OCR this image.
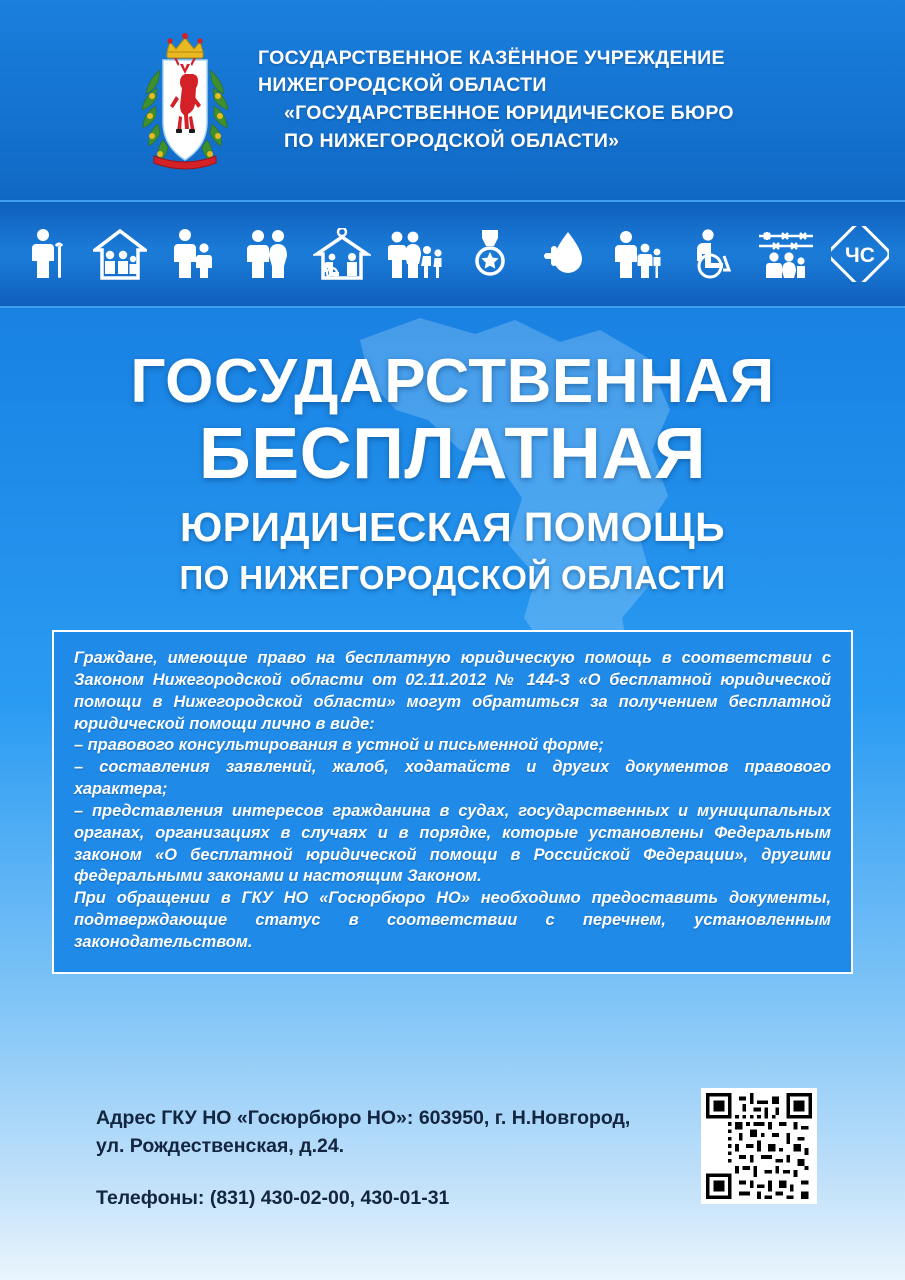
ГОСУДАРСТВЕННОЕ КАЗЁННОЕ УЧРЕЖДЕНИЕ
НИЖЕГОРОДСКОЙ ОБЛАСТИ
«ГОСУДАРСТВЕННОЕ ЮРИДИЧЕСКОЕ БЮРО
ПО НИЖЕГОРОДСКОЙ ОБЛАСТИ»
ЧС
ГОСУДАРСТВЕННАЯ
БЕСПЛАТНАЯ
ЮРИДИЧЕСКАЯ ПОМОЩЬ
ПО НИЖЕГОРОДСКОЙ ОБЛАСТИ

Граждане, имеющие право на бесплатную юридическую помощь в соответствии с Законом Нижегородской области от 02.11.2012 № 144-З «О бесплатной юридической помощи в Нижегородской области» могут обратиться за получением бесплатной юридической помощи лично в виде:

– правового консультирования в устной и письменной форме;

– составления заявлений, жалоб, ходатайств и других документов правового характера;

– представления интересов гражданина в судах, государственных и муниципальных органах, организациях в случаях и в порядке, которые установлены Федеральным законом «О бесплатной юридической помощи в Российской Федерации», другими федеральными законами и настоящим Законом.

При обращении в ГКУ НО «Госюрбюро НО» необходимо предоставить документы, подтверждающие статус в соответствии с перечнем, установленным законодательством.

Адрес ГКУ НО «Госюрбюро НО»: 603950, г. Н.Новгород,
ул. Рождественская, д.24.
Телефоны: (831) 430-02-00, 430-01-31
